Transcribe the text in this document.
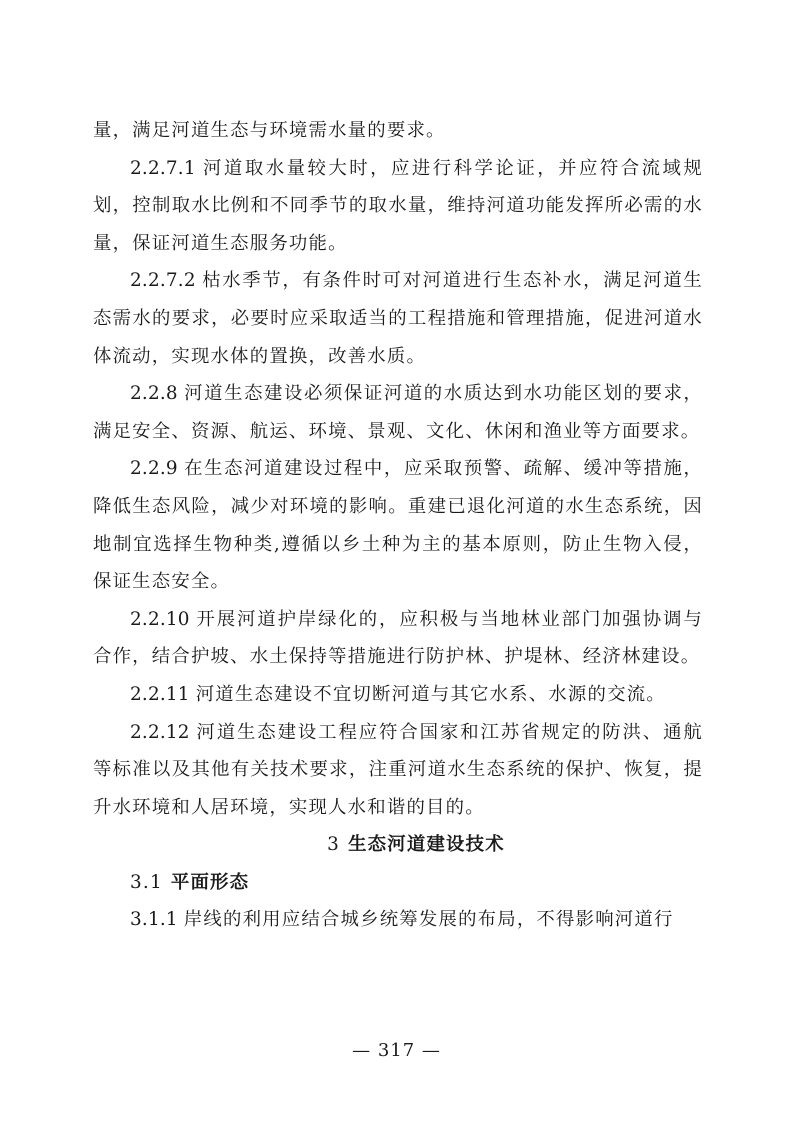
量，满足河道生态与环境需水量的要求。

2.2.7.1 河道取水量较大时，应进行科学论证，并应符合流域规划，控制取水比例和不同季节的取水量，维持河道功能发挥所必需的水量，保证河道生态服务功能。

2.2.7.2 枯水季节，有条件时可对河道进行生态补水，满足河道生态需水的要求，必要时应采取适当的工程措施和管理措施，促进河道水体流动，实现水体的置换，改善水质。

2.2.8 河道生态建设必须保证河道的水质达到水功能区划的要求，满足安全、资源、航运、环境、景观、文化、休闲和渔业等方面要求。

2.2.9 在生态河道建设过程中，应采取预警、疏解、缓冲等措施，降低生态风险，减少对环境的影响。重建已退化河道的水生态系统，因地制宜选择生物种类,遵循以乡土种为主的基本原则，防止生物入侵，保证生态安全。

2.2.10 开展河道护岸绿化的，应积极与当地林业部门加强协调与合作，结合护坡、水土保持等措施进行防护林、护堤林、经济林建设。

2.2.11 河道生态建设不宜切断河道与其它水系、水源的交流。

2.2.12 河道生态建设工程应符合国家和江苏省规定的防洪、通航等标准以及其他有关技术要求，注重河道水生态系统的保护、恢复，提升水环境和人居环境，实现人水和谐的目的。

3 生态河道建设技术

3.1 平面形态

3.1.1 岸线的利用应结合城乡统筹发展的布局，不得影响河道行

— 317 —
